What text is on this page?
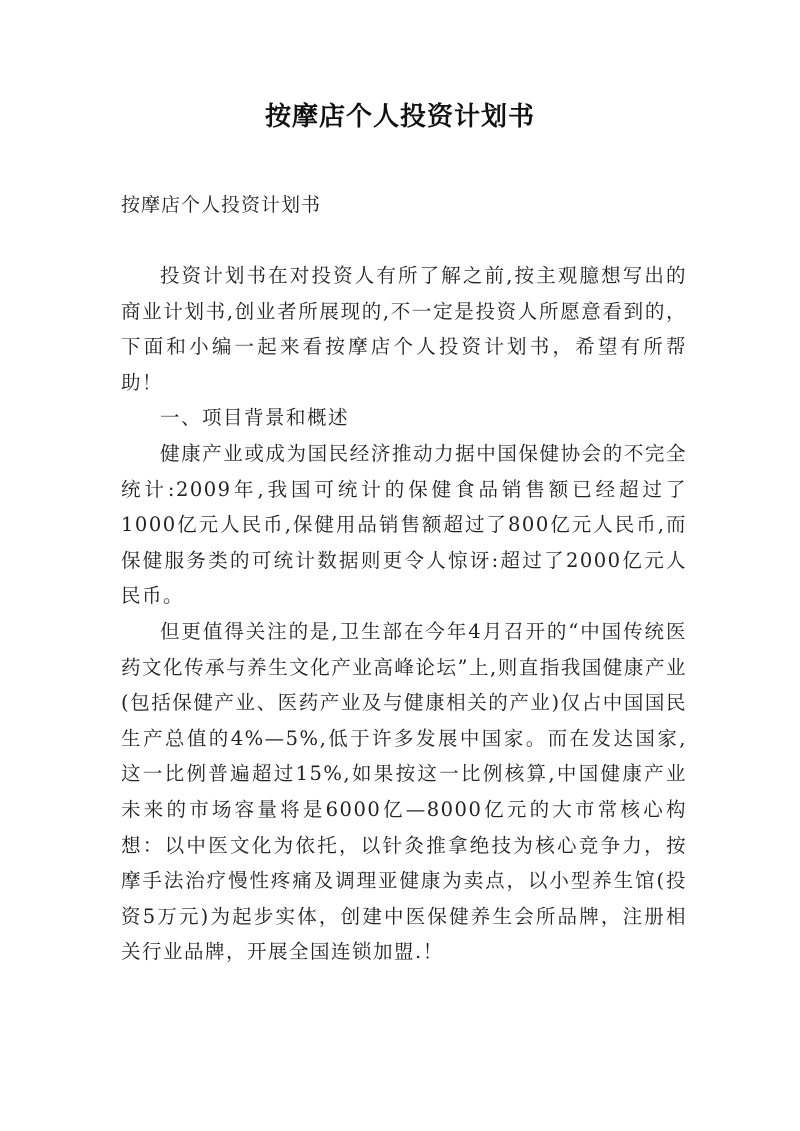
按摩店个人投资计划书
按摩店个人投资计划书

投资计划书在对投资人有所了解之前,按主观臆想写出的商业计划书,创业者所展现的,不一定是投资人所愿意看到的，下面和小编一起来看按摩店个人投资计划书，希望有所帮助！

一、项目背景和概述

健康产业或成为国民经济推动力据中国保健协会的不完全统计:2009年,我国可统计的保健食品销售额已经超过了1000亿元人民币,保健用品销售额超过了800亿元人民币,而保健服务类的可统计数据则更令人惊讶:超过了2000亿元人民币。

但更值得关注的是,卫生部在今年4月召开的“中国传统医药文化传承与养生文化产业高峰论坛”上,则直指我国健康产业(包括保健产业、医药产业及与健康相关的产业)仅占中国国民生产总值的4%—5%,低于许多发展中国家。而在发达国家,这一比例普遍超过15%,如果按这一比例核算,中国健康产业未来的市场容量将是6000亿—8000亿元的大市常核心构想：以中医文化为依托，以针灸推拿绝技为核心竞争力，按摩手法治疗慢性疼痛及调理亚健康为卖点，以小型养生馆(投资5万元)为起步实体，创建中医保健养生会所品牌，注册相关行业品牌，开展全国连锁加盟.！
